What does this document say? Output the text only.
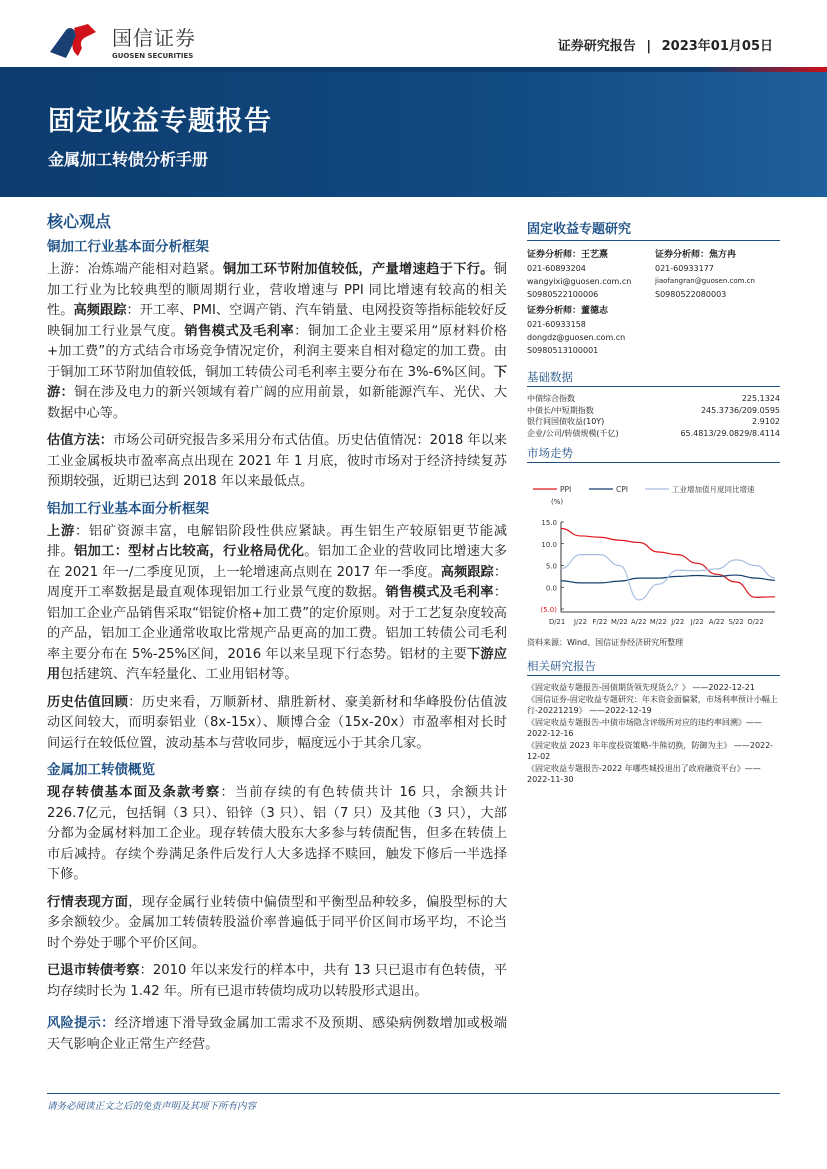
国信证券
GUOSEN SECURITIES
证券研究报告 | 2023年01月05日
固定收益专题报告
金属加工转债分析手册
核心观点
铜加工行业基本面分析框架
上游：冶炼端产能相对趋紧。铜加工环节附加值较低，产量增速趋于下行。铜加工行业为比较典型的顺周期行业，营收增速与 PPI 同比增速有较高的相关性。高频跟踪：开工率、PMI、空调产销、汽车销量、电网投资等指标能较好反映铜加工行业景气度。销售模式及毛利率：铜加工企业主要采用“原材料价格+加工费”的方式结合市场竞争情况定价，利润主要来自相对稳定的加工费。由于铜加工环节附加值较低，铜加工转债公司毛利率主要分布在 3%-6%区间。下游：铜在涉及电力的新兴领域有着广阔的应用前景，如新能源汽车、光伏、大数据中心等。
估值方法：市场公司研究报告多采用分布式估值。历史估值情况：2018 年以来工业金属板块市盈率高点出现在 2021 年 1 月底，彼时市场对于经济持续复苏预期较强，近期已达到 2018 年以来最低点。
铝加工行业基本面分析框架
上游：铝矿资源丰富，电解铝阶段性供应紧缺。再生铝生产较原铝更节能减排。铝加工：型材占比较高，行业格局优化。铝加工企业的营收同比增速大多在 2021 年一/二季度见顶，上一轮增速高点则在 2017 年一季度。高频跟踪：周度开工率数据是最直观体现铝加工行业景气度的数据。销售模式及毛利率：铝加工企业产品销售采取“铝锭价格+加工费”的定价原则。对于工艺复杂度较高的产品，铝加工企业通常收取比常规产品更高的加工费。铝加工转债公司毛利率主要分布在 5%-25%区间，2016 年以来呈现下行态势。铝材的主要下游应用包括建筑、汽车轻量化、工业用铝材等。
历史估值回顾：历史来看，万顺新材、鼎胜新材、豪美新材和华峰股份估值波动区间较大，而明泰铝业（8x-15x）、顺博合金（15x-20x）市盈率相对长时间运行在较低位置，波动基本与营收同步，幅度远小于其余几家。
金属加工转债概览
现存转债基本面及条款考察：当前存续的有色转债共计 16 只，余额共计 226.7亿元，包括铜（3 只）、铅锌（3 只）、铝（7 只）及其他（3 只），大部分都为金属材料加工企业。现存转债大股东大多参与转债配售，但多在转债上市后减持。存续个券满足条件后发行人大多选择不赎回，触发下修后一半选择下修。
行情表现方面，现存金属行业转债中偏债型和平衡型品种较多，偏股型标的大多余额较少。金属加工转债转股溢价率普遍低于同平价区间市场平均，不论当时个券处于哪个平价区间。
已退市转债考察：2010 年以来发行的样本中，共有 13 只已退市有色转债，平均存续时长为 1.42 年。所有已退市转债均成功以转股形式退出。
风险提示：经济增速下滑导致金属加工需求不及预期、感染病例数增加或极端天气影响企业正常生产经营。
固定收益专题研究
证券分析师：王艺熹
021-60893204
wangyixi@guosen.com.cn
S0980522100006
证券分析师：焦方冉
021-60933177
jiaofangran@guosen.com.cn
S0980522080003
证券分析师：董德志
021-60933158
dongdz@guosen.com.cn
S0980513100001
基础数据
中债综合指数	225.1324
中债长/中短期指数	245.3736/209.0595
银行间国债收益(10Y)	2.9102
企业/公司/转债规模(千亿)	65.4813/29.0829/8.4114
市场走势
PPI	CPI	工业增加值月度同比增速
(%)
15.0
10.0
5.0
0.0
(5.0)
D/21 J/22 F/22 M/22 A/22 M/22 J/22 J/22 A/22 S/22 O/22
资料来源：Wind、国信证券经济研究所整理
相关研究报告
《固定收益专题报告-国债期货领先现货么？》 ——2022-12-21
《国信证券-固定收益专题研究：年末资金面偏紧，市场利率预计小幅上行-20221219》 ——2022-12-19
《固定收益专题报告-中债市场隐含评级所对应的违约率回溯》——2022-12-16
《固定收益 2023 年年度投资策略-牛熊切换，防御为主》 ——2022-12-02
《固定收益专题报告-2022 年哪些城投退出了政府融资平台》——2022-11-30
请务必阅读正文之后的免责声明及其项下所有内容
